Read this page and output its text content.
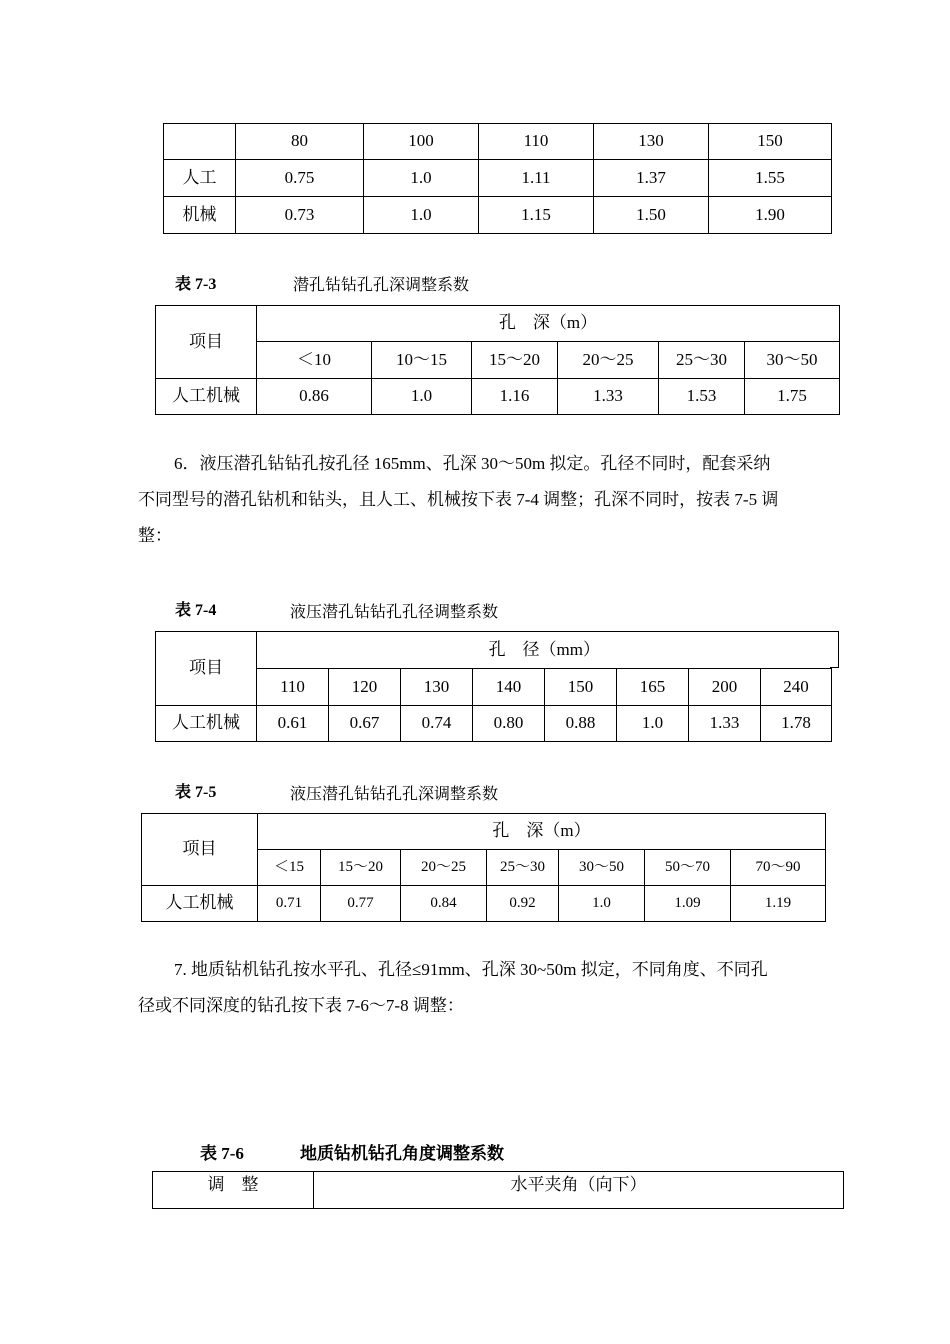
	80	100	110	130	150
人工	0.75	1.0	1.11	1.37	1.55
机械	0.73	1.0	1.15	1.50	1.90
表 7-3	潜孔钻钻孔孔深调整系数
项目	孔　深（m）					
	＜10	10～15	15～20	20～25	25～30	30～50
人工机械	0.86	1.0	1.16	1.33	1.53	1.75
6．液压潜孔钻钻孔按孔径 165mm、孔深 30～50m 拟定。孔径不同时，配套采纳
不同型号的潜孔钻机和钻头，且人工、机械按下表 7-4 调整；孔深不同时，按表 7-5 调
整：
表 7-4	液压潜孔钻钻孔孔径调整系数
项目	孔　径（mm）							
	110	120	130	140	150	165	200	240
人工机械	0.61	0.67	0.74	0.80	0.88	1.0	1.33	1.78
表 7-5	液压潜孔钻钻孔孔深调整系数
项目	孔　深（m）						
	＜15	15～20	20～25	25～30	30～50	50～70	70～90
人工机械	0.71	0.77	0.84	0.92	1.0	1.09	1.19
7. 地质钻机钻孔按水平孔、孔径≤91mm、孔深 30~50m 拟定，不同角度、不同孔
径或不同深度的钻孔按下表 7-6～7-8 调整：
表 7-6	地质钻机钻孔角度调整系数
调　整	水平夹角（向下）
